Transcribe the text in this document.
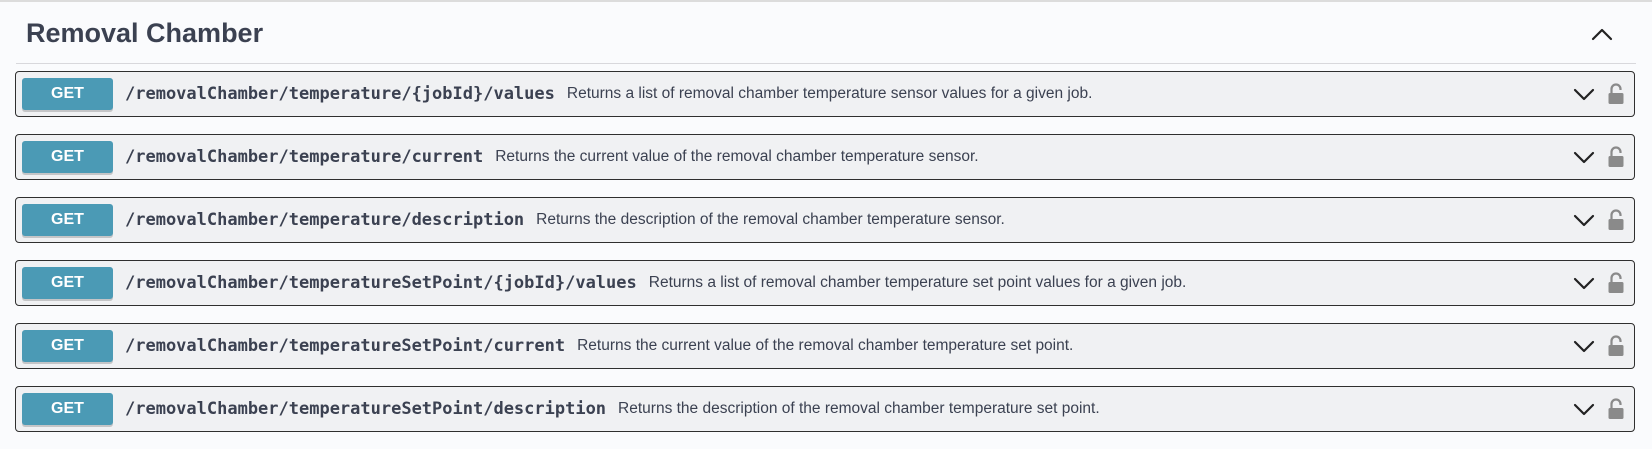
Removal Chamber
GET	/removalChamber/temperature/{jobId}/values Returns a list of removal chamber temperature sensor values for a given job.
GET	/removalChamber/temperature/current Returns the current value of the removal chamber temperature sensor.
GET	/removalChamber/temperature/description Returns the description of the removal chamber temperature sensor.
GET	/removalChamber/temperatureSetPoint/{jobId}/values Returns a list of removal chamber temperature set point values for a given job.
GET	/removalChamber/temperatureSetPoint/current Returns the current value of the removal chamber temperature set point.
GET	/removalChamber/temperatureSetPoint/description Returns the description of the removal chamber temperature set point.
